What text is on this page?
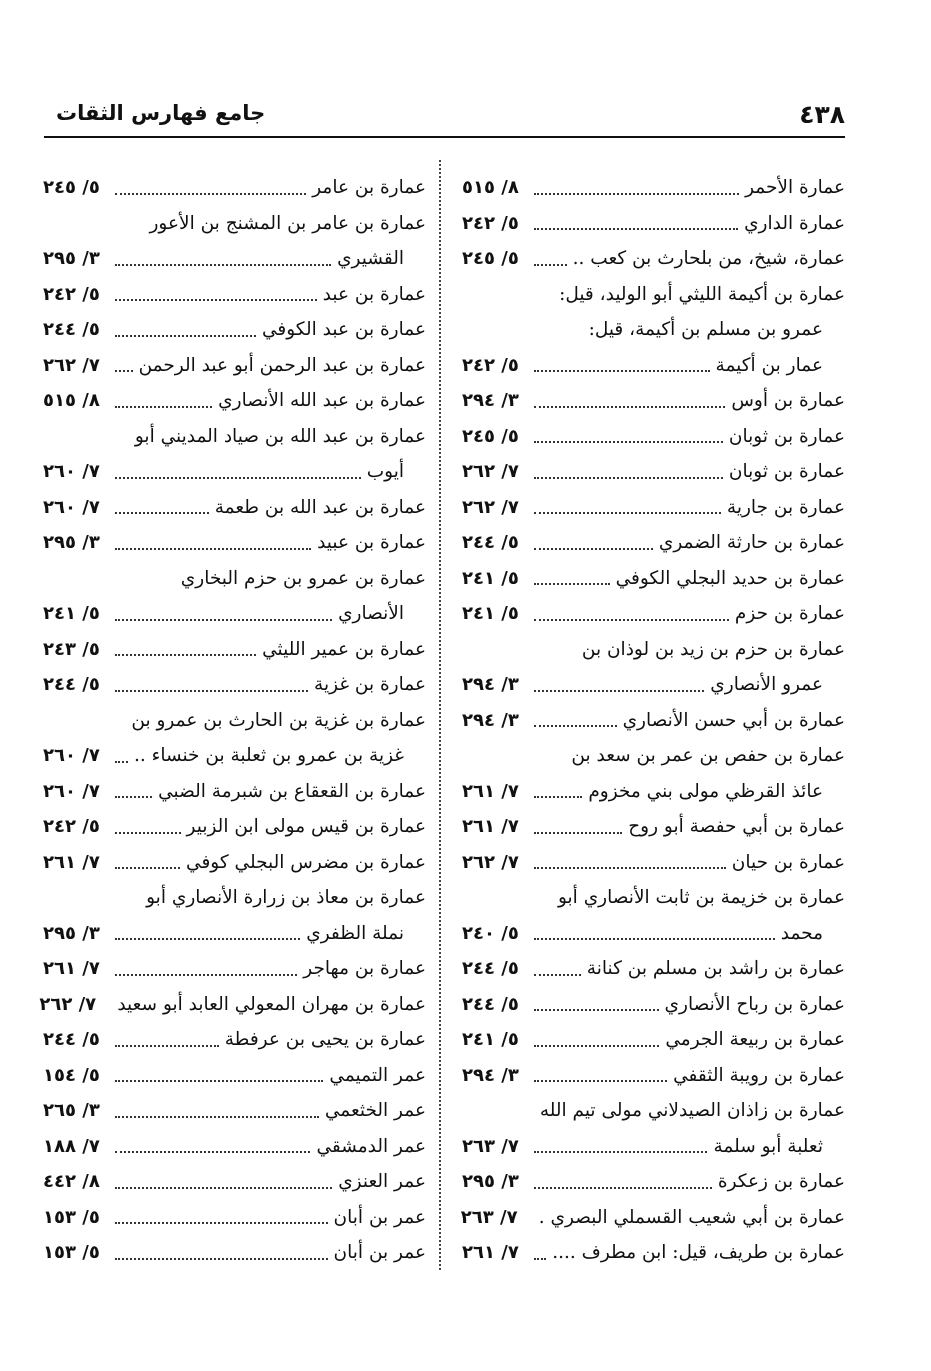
٤٣٨
جامع فهارس الثقات
عمارة الأحمر
٨/ ٥١٥
عمارة الداري
٥/ ٢٤٢
عمارة، شيخ، من بلحارث بن كعب ..
٥/ ٢٤٥
عمارة بن أكيمة الليثي أبو الوليد، قيل:
عمرو بن مسلم بن أكيمة، قيل:
عمار بن أكيمة
٥/ ٢٤٢
عمارة بن أوس
٣/ ٢٩٤
عمارة بن ثوبان
٥/ ٢٤٥
عمارة بن ثوبان
٧/ ٢٦٢
عمارة بن جارية
٧/ ٢٦٢
عمارة بن حارثة الضمري
٥/ ٢٤٤
عمارة بن حديد البجلي الكوفي
٥/ ٢٤١
عمارة بن حزم
٥/ ٢٤١
عمارة بن حزم بن زيد بن لوذان بن
عمرو الأنصاري
٣/ ٢٩٤
عمارة بن أبي حسن الأنصاري
٣/ ٢٩٤
عمارة بن حفص بن عمر بن سعد بن
عائذ القرظي مولى بني مخزوم
٧/ ٢٦١
عمارة بن أبي حفصة أبو روح
٧/ ٢٦١
عمارة بن حيان
٧/ ٢٦٢
عمارة بن خزيمة بن ثابت الأنصاري أبو
محمد
٥/ ٢٤٠
عمارة بن راشد بن مسلم بن كنانة
٥/ ٢٤٤
عمارة بن رباح الأنصاري
٥/ ٢٤٤
عمارة بن ربيعة الجرمي
٥/ ٢٤١
عمارة بن رويبة الثقفي
٣/ ٢٩٤
عمارة بن زاذان الصيدلاني مولى تيم الله
ثعلبة أبو سلمة
٧/ ٢٦٣
عمارة بن زعكرة
٣/ ٢٩٥
عمارة بن أبي شعيب القسملي البصري .
٧/ ٢٦٣
عمارة بن طريف، قيل: ابن مطرف ....
٧/ ٢٦١
عمارة بن عامر
٥/ ٢٤٥
عمارة بن عامر بن المشنج بن الأعور
القشيري
٣/ ٢٩٥
عمارة بن عبد
٥/ ٢٤٢
عمارة بن عبد الكوفي
٥/ ٢٤٤
عمارة بن عبد الرحمن أبو عبد الرحمن
٧/ ٢٦٢
عمارة بن عبد الله الأنصاري
٨/ ٥١٥
عمارة بن عبد الله بن صياد المديني أبو
أيوب
٧/ ٢٦٠
عمارة بن عبد الله بن طعمة
٧/ ٢٦٠
عمارة بن عبيد
٣/ ٢٩٥
عمارة بن عمرو بن حزم البخاري
الأنصاري
٥/ ٢٤١
عمارة بن عمير الليثي
٥/ ٢٤٣
عمارة بن غزية
٥/ ٢٤٤
عمارة بن غزية بن الحارث بن عمرو بن
غزية بن عمرو بن ثعلبة بن خنساء ..
٧/ ٢٦٠
عمارة بن القعقاع بن شبرمة الضبي
٧/ ٢٦٠
عمارة بن قيس مولى ابن الزبير
٥/ ٢٤٢
عمارة بن مضرس البجلي كوفي
٧/ ٢٦١
عمارة بن معاذ بن زرارة الأنصاري أبو
نملة الظفري
٣/ ٢٩٥
عمارة بن مهاجر
٧/ ٢٦١
عمارة بن مهران المعولي العابد أبو سعيد
٧/ ٢٦٢
عمارة بن يحيى بن عرفطة
٥/ ٢٤٤
عمر التميمي
٥/ ١٥٤
عمر الخثعمي
٣/ ٢٦٥
عمر الدمشقي
٧/ ١٨٨
عمر العنزي
٨/ ٤٤٢
عمر بن أبان
٥/ ١٥٣
عمر بن أبان
٥/ ١٥٣
